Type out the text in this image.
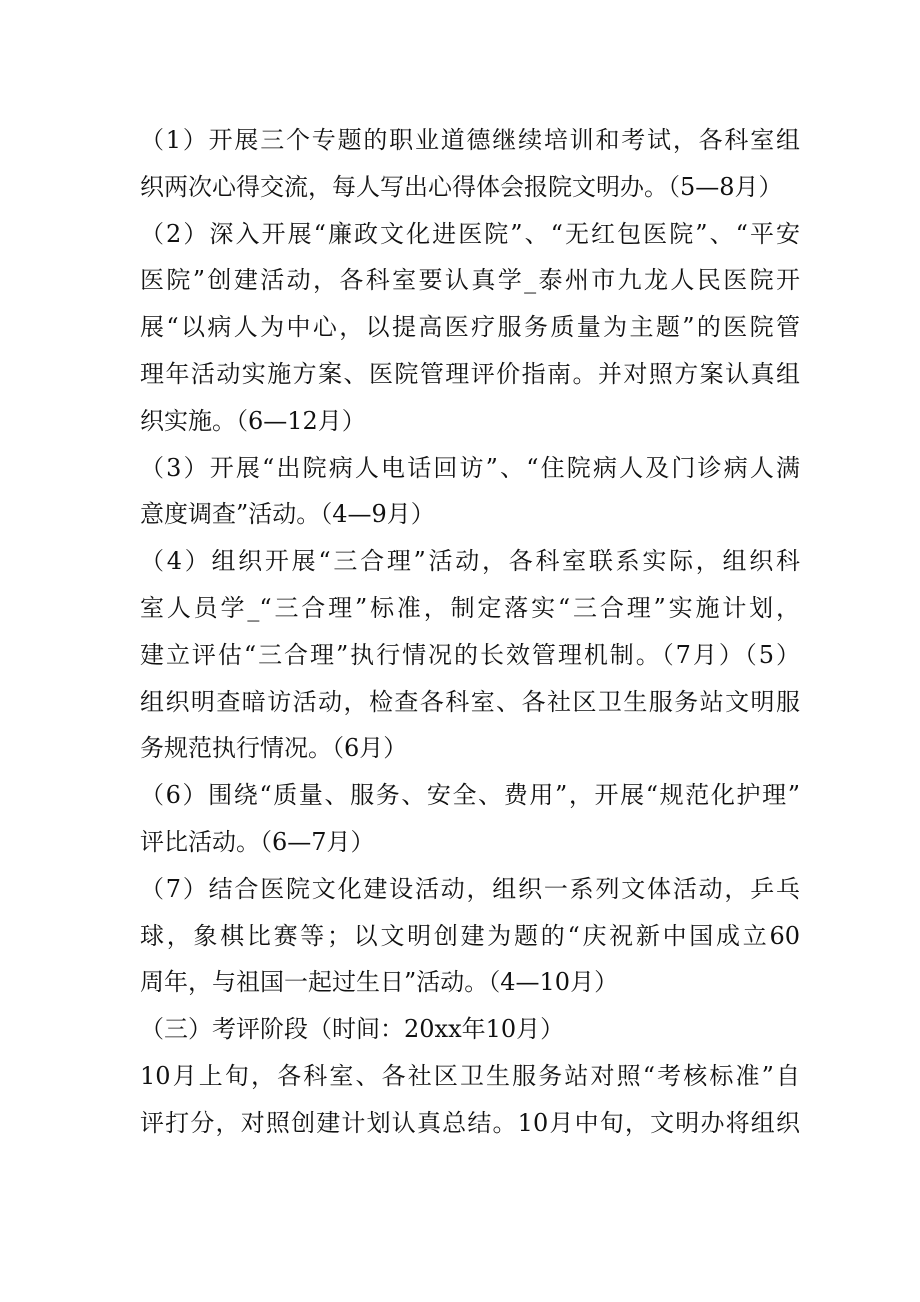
（1）开展三个专题的职业道德继续培训和考试，各科室组
织两次心得交流，每人写出心得体会报院文明办。（5—8月）
（2）深入开展“廉政文化进医院”、“无红包医院”、“平安
医院”创建活动，各科室要认真学_泰州市九龙人民医院开
展“以病人为中心，以提高医疗服务质量为主题”的医院管
理年活动实施方案、医院管理评价指南。并对照方案认真组
织实施。（6—12月）
（3）开展“出院病人电话回访”、“住院病人及门诊病人满
意度调查”活动。（4—9月）
（4）组织开展“三合理”活动，各科室联系实际，组织科
室人员学_“三合理”标准，制定落实“三合理”实施计划，
建立评估“三合理”执行情况的长效管理机制。（7月）（5）
组织明查暗访活动，检查各科室、各社区卫生服务站文明服
务规范执行情况。（6月）
（6）围绕“质量、服务、安全、费用”，开展“规范化护理”
评比活动。（6—7月）
（7）结合医院文化建设活动，组织一系列文体活动，乒乓
球，象棋比赛等；以文明创建为题的“庆祝新中国成立60
周年，与祖国一起过生日”活动。（4—10月）
（三）考评阶段（时间：20xx年10月）
10月上旬，各科室、各社区卫生服务站对照“考核标准”自
评打分，对照创建计划认真总结。10月中旬，文明办将组织
